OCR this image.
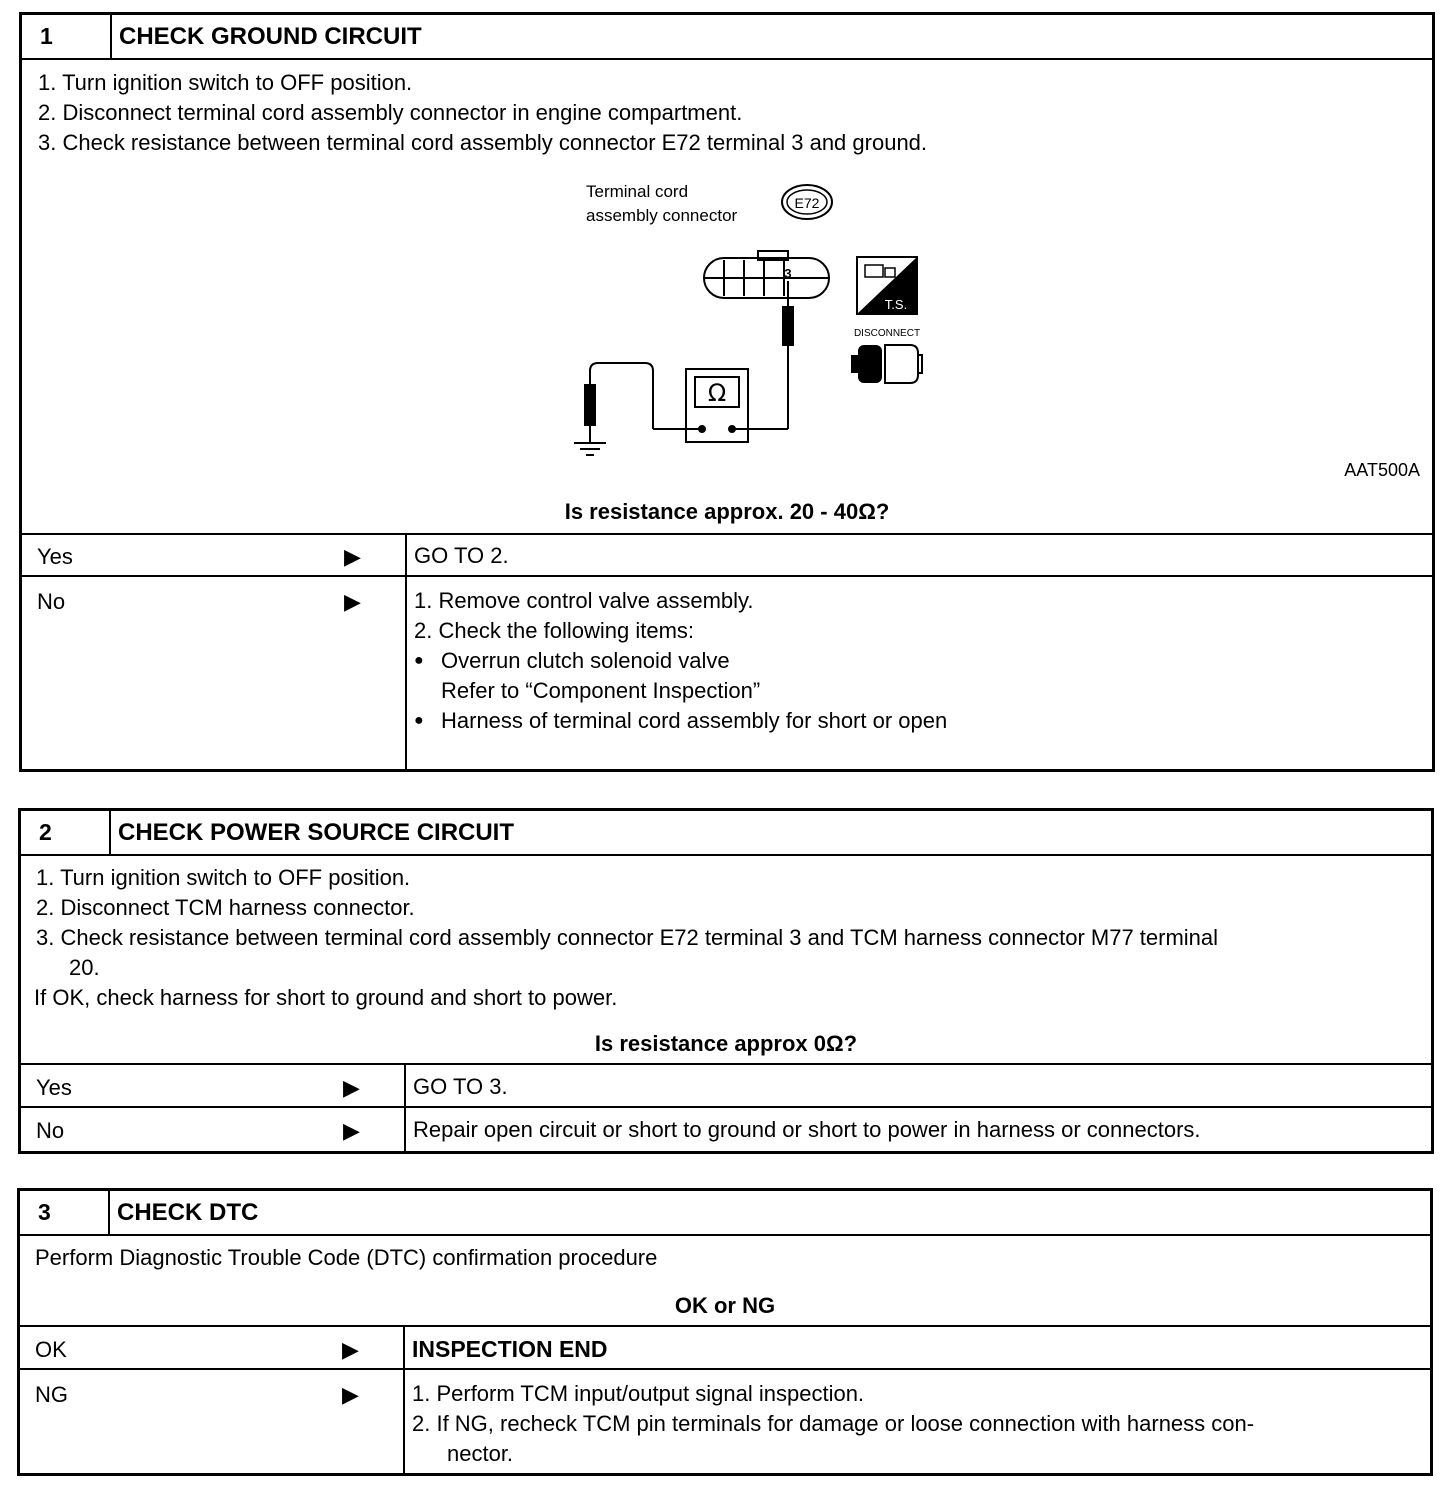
1	CHECK GROUND CIRCUIT
1. Turn ignition switch to OFF position.
2. Disconnect terminal cord assembly connector in engine compartment.
3. Check resistance between terminal cord assembly connector E72 terminal 3 and ground.
Terminal cord
assembly connector
E72
3
Ω
T.S.
DISCONNECT
AAT500A
Is resistance approx. 20 - 40Ω?
Yes	▶ GO TO 2.
No	▶ 1. Remove control valve assembly.
2. Check the following items:
● Overrun clutch solenoid valve
Refer to “Component Inspection”
● Harness of terminal cord assembly for short or open
2	CHECK POWER SOURCE CIRCUIT
1. Turn ignition switch to OFF position.
2. Disconnect TCM harness connector.
3. Check resistance between terminal cord assembly connector E72 terminal 3 and TCM harness connector M77 terminal
20.
If OK, check harness for short to ground and short to power.
Is resistance approx 0Ω?
Yes	▶ GO TO 3.
No	▶ Repair open circuit or short to ground or short to power in harness or connectors.
3	CHECK DTC
Perform Diagnostic Trouble Code (DTC) confirmation procedure
OK or NG
OK	▶ INSPECTION END
NG	▶ 1. Perform TCM input/output signal inspection.
2. If NG, recheck TCM pin terminals for damage or loose connection with harness con-
nector.
